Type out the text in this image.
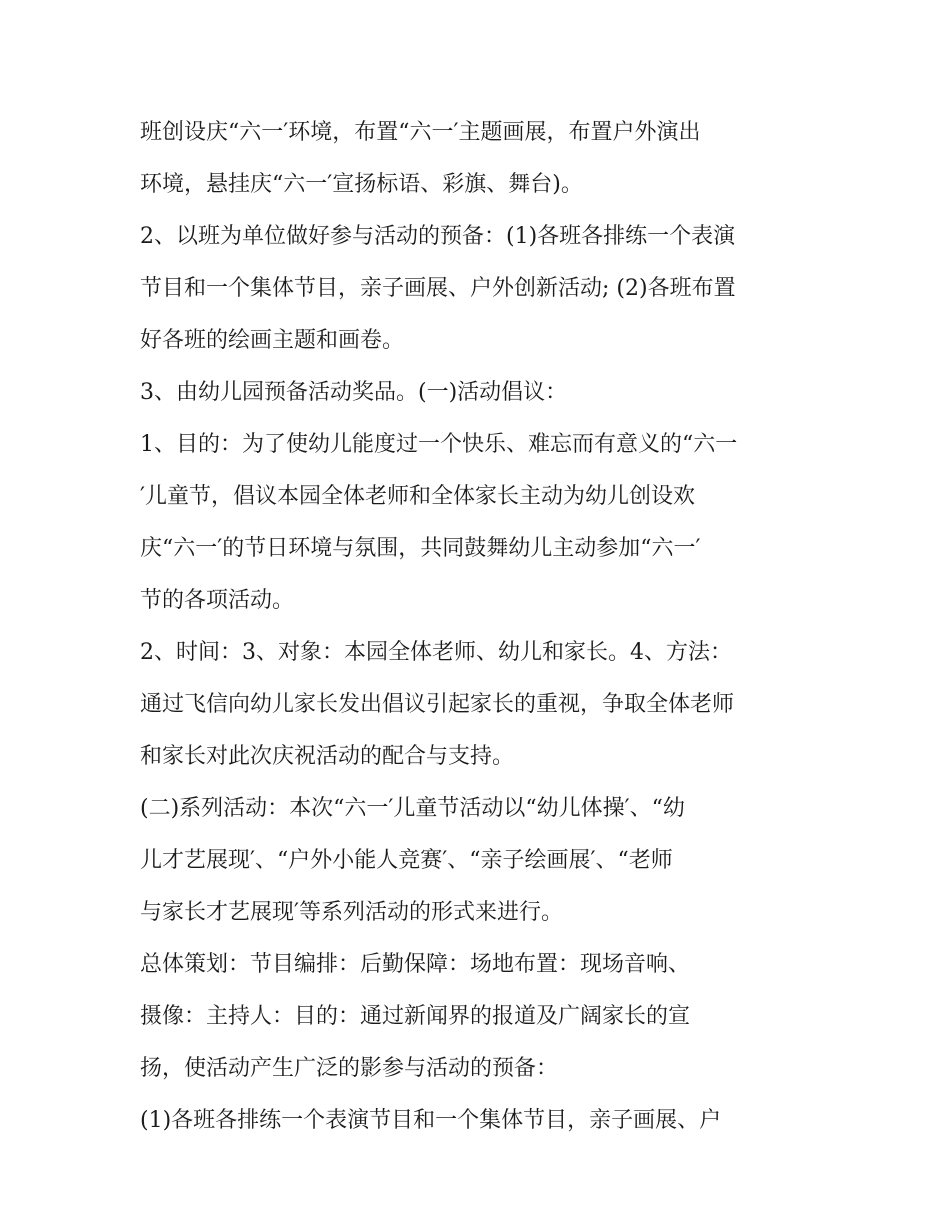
班创设庆“六一′环境，布置“六一′主题画展，布置户外演出
环境，悬挂庆“六一′宣扬标语、彩旗、舞台)。
2、以班为单位做好参与活动的预备：(1)各班各排练一个表演
节目和一个集体节目，亲子画展、户外创新活动; (2)各班布置
好各班的绘画主题和画卷。
3、由幼儿园预备活动奖品。(一)活动倡议：
1、目的：为了使幼儿能度过一个快乐、难忘而有意义的“六一
′儿童节，倡议本园全体老师和全体家长主动为幼儿创设欢
庆“六一′的节日环境与氛围，共同鼓舞幼儿主动参加“六一′
节的各项活动。
2、时间：3、对象：本园全体老师、幼儿和家长。4、方法：
通过飞信向幼儿家长发出倡议引起家长的重视，争取全体老师
和家长对此次庆祝活动的配合与支持。
(二)系列活动：本次“六一′儿童节活动以“幼儿体操′、“幼
儿才艺展现′、“户外小能人竞赛′、“亲子绘画展′、“老师
与家长才艺展现′等系列活动的形式来进行。
总体策划：节目编排：后勤保障：场地布置：现场音响、
摄像：主持人：目的：通过新闻界的报道及广阔家长的宣
扬，使活动产生广泛的影参与活动的预备：
(1)各班各排练一个表演节目和一个集体节目，亲子画展、户
